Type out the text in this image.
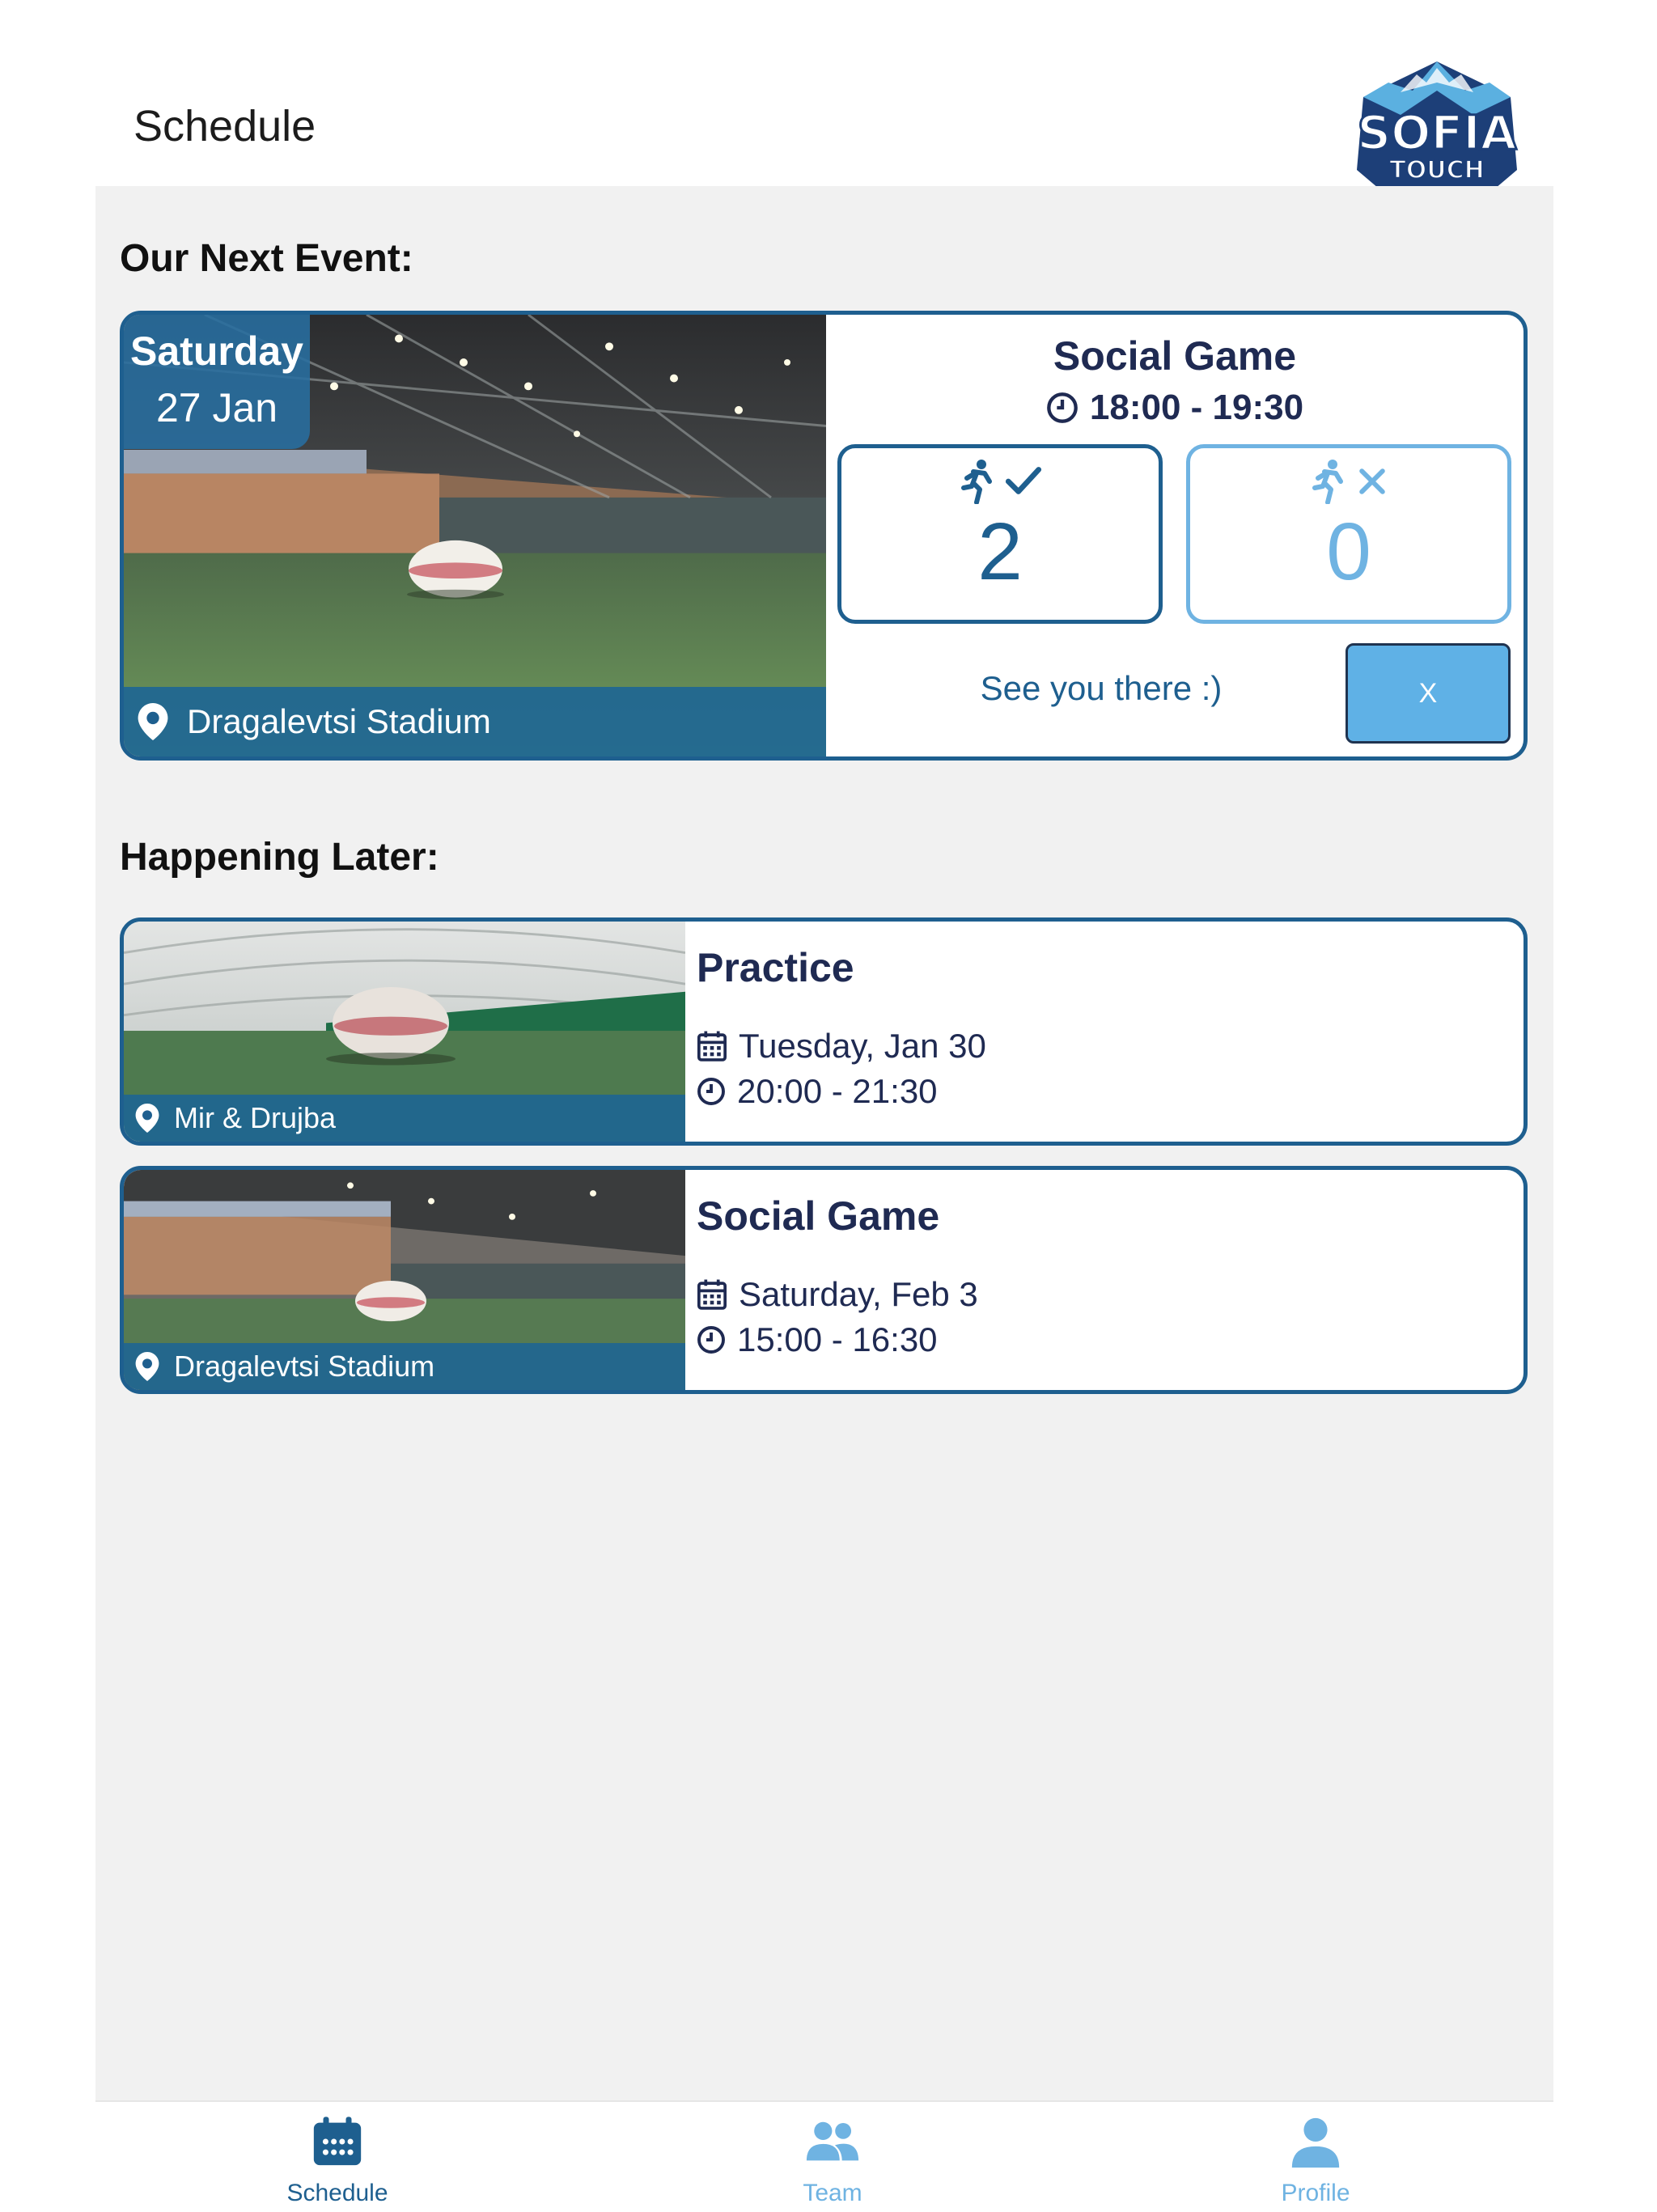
Schedule	SOFIA
TOUCH
Our Next Event:
Saturday
27 Jan
Dragalevtsi Stadium
Social Game
18:00 - 19:30
2	0
See you there :)	X
Happening Later:
Mir & Drujba
Practice
Tuesday, Jan 30
20:00 - 21:30
Dragalevtsi Stadium
Social Game
Saturday, Feb 3
15:00 - 16:30
Schedule	Team	Profile
